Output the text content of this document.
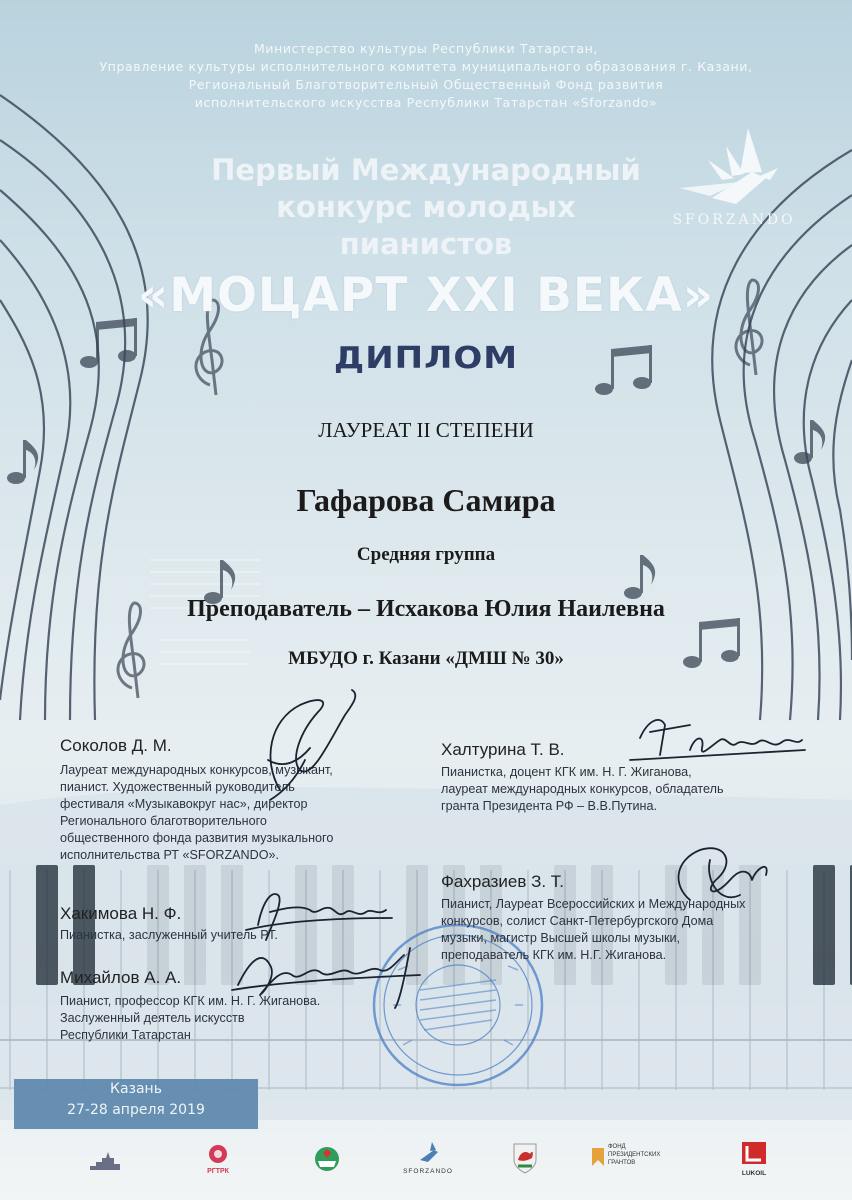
Министерство культуры Республики Татарстан,
Управление культуры исполнительного комитета муниципального образования г. Казани,
Региональный Благотворительный Общественный Фонд развития
исполнительского искусства Республики Татарстан «Sforzando»
SFORZANDO
Первый Международный
конкурс молодых
пианистов
«МОЦАРТ XXI ВЕКА»
ДИПЛОМ
ЛАУРЕАТ II СТЕПЕНИ
Гафарова Самира
Средняя группа
Преподаватель – Исхакова Юлия Наилевна
МБУДО г. Казани «ДМШ № 30»
Соколов Д. М.
Лауреат международных конкурсов, музыкант,
пианист. Художественный руководитель
фестиваля «Музыкавокруг нас», директор
Регионального благотворительного
общественного фонда развития музыкального
исполнительства РТ «SFORZANDO».
Хакимова Н. Ф.
Пианистка, заслуженный учитель РТ.
Михайлов А. А.
Пианист, профессор КГК им. Н. Г. Жиганова.
Заслуженный деятель искусств
Республики Татарстан
Халтурина Т. В.
Пианистка, доцент КГК им. Н. Г. Жиганова,
лауреат международных конкурсов, обладатель
гранта Президента РФ – В.В.Путина.
Фахразиев З. Т.
Пианист, Лауреат Всероссийских и Международных
конкурсов, солист Санкт-Петербургского Дома
музыки, магистр Высшей школы музыки,
преподаватель КГК им. Н.Г. Жиганова.
Казань
27-28 апреля 2019
РГТРК	SFORZANDO
ФОНД
ПРЕЗИДЕНТСКИХ
ГРАНТОВ
LUKOIL
